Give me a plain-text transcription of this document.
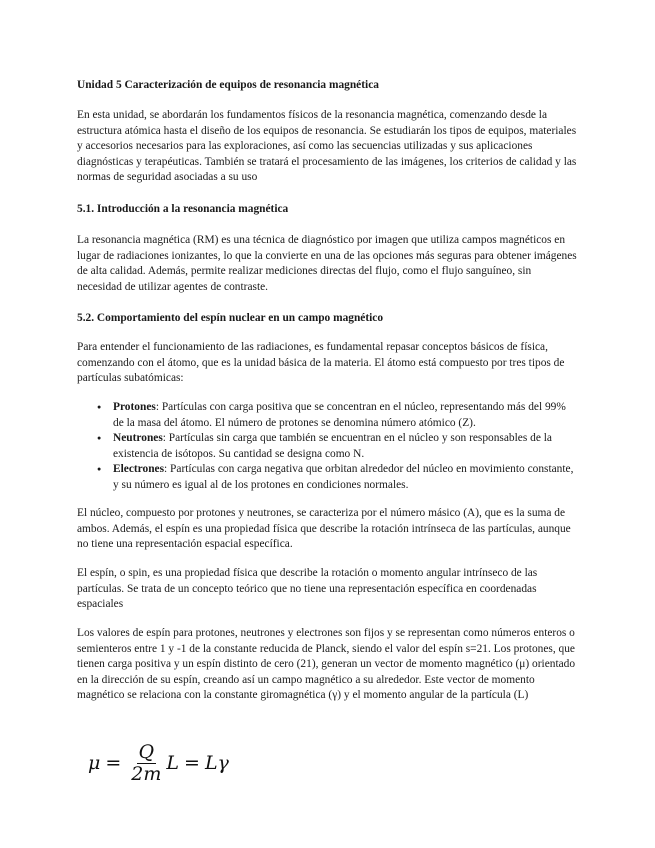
Unidad 5 Caracterización de equipos de resonancia magnética

En esta unidad, se abordarán los fundamentos físicos de la resonancia magnética, comenzando desde la estructura atómica hasta el diseño de los equipos de resonancia. Se estudiarán los tipos de equipos, materiales y accesorios necesarios para las exploraciones, así como las secuencias utilizadas y sus aplicaciones diagnósticas y terapéuticas. También se tratará el procesamiento de las imágenes, los criterios de calidad y las normas de seguridad asociadas a su uso

5.1. Introducción a la resonancia magnética

La resonancia magnética (RM) es una técnica de diagnóstico por imagen que utiliza campos magnéticos en lugar de radiaciones ionizantes, lo que la convierte en una de las opciones más seguras para obtener imágenes de alta calidad. Además, permite realizar mediciones directas del flujo, como el flujo sanguíneo, sin necesidad de utilizar agentes de contraste.

5.2. Comportamiento del espín nuclear en un campo magnético

Para entender el funcionamiento de las radiaciones, es fundamental repasar conceptos básicos de física, comenzando con el átomo, que es la unidad básica de la materia. El átomo está compuesto por tres tipos de partículas subatómicas:

● Protones: Partículas con carga positiva que se concentran en el núcleo, representando más del 99% de la masa del átomo. El número de protones se denomina número atómico (Z).
● Neutrones: Partículas sin carga que también se encuentran en el núcleo y son responsables de la existencia de isótopos. Su cantidad se designa como N.
● Electrones: Partículas con carga negativa que orbitan alrededor del núcleo en movimiento constante, y su número es igual al de los protones en condiciones normales.

El núcleo, compuesto por protones y neutrones, se caracteriza por el número másico (A), que es la suma de ambos. Además, el espín es una propiedad física que describe la rotación intrínseca de las partículas, aunque no tiene una representación espacial específica.

El espín, o spin, es una propiedad física que describe la rotación o momento angular intrínseco de las partículas. Se trata de un concepto teórico que no tiene una representación específica en coordenadas espaciales

Los valores de espín para protones, neutrones y electrones son fijos y se representan como números enteros o semienteros entre 1 y -1 de la constante reducida de Planck, siendo el valor del espín s=21. Los protones, que tienen carga positiva y un espín distinto de cero (21), generan un vector de momento magnético (μ) orientado en la dirección de su espín, creando así un campo magnético a su alrededor. Este vector de momento magnético se relaciona con la constante giromagnética (γ) y el momento angular de la partícula (L)

$\mu = \frac{Q}{2m}$ L = Lγ
